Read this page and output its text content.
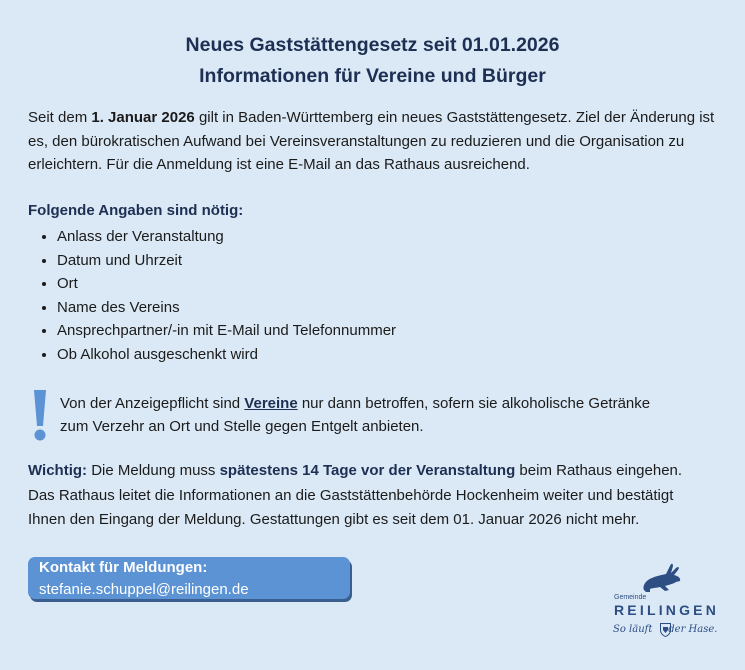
Neues Gaststättengesetz seit 01.01.2026
Informationen für Vereine und Bürger
Seit dem 1. Januar 2026 gilt in Baden-Württemberg ein neues Gaststättengesetz. Ziel der Änderung ist es, den bürokratischen Aufwand bei Vereinsveranstaltungen zu reduzieren und die Organisation zu erleichtern. Für die Anmeldung ist eine E-Mail an das Rathaus ausreichend.
Folgende Angaben sind nötig:
Anlass der Veranstaltung
Datum und Uhrzeit
Ort
Name des Vereins
Ansprechpartner/-in mit E-Mail und Telefonnummer
Ob Alkohol ausgeschenkt wird
Von der Anzeigepflicht sind Vereine nur dann betroffen, sofern sie alkoholische Getränke
zum Verzehr an Ort und Stelle gegen Entgelt anbieten.
Wichtig: Die Meldung muss spätestens 14 Tage vor der Veranstaltung beim Rathaus eingehen.
Das Rathaus leitet die Informationen an die Gaststättenbehörde Hockenheim weiter und bestätigt
Ihnen den Eingang der Meldung. Gestattungen gibt es seit dem 01. Januar 2026 nicht mehr.
Kontakt für Meldungen:
stefanie.schuppel@reilingen.de	Gemeinde
REILINGEN
So läuft der Hase.
